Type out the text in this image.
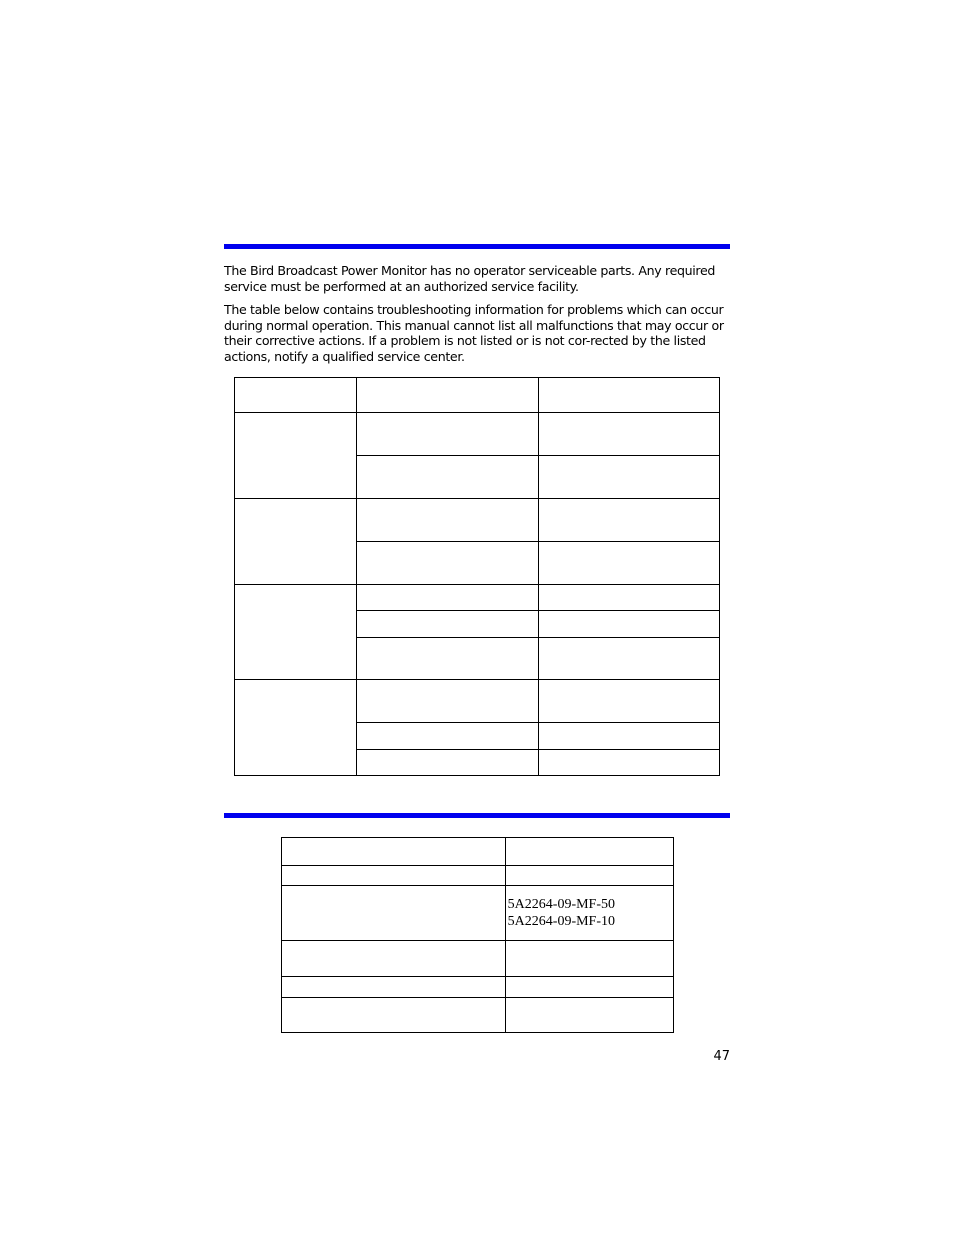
The Bird Broadcast Power Monitor has no operator serviceable parts. Any required service must be performed at an authorized service facility.

The table below contains troubleshooting information for problems which can occur during normal operation. This manual cannot list all malfunctions that may occur or their corrective actions. If a problem is not listed or is not cor-rected by the listed actions, notify a qualified service center.

	5A2264-09-MF-50
5A2264-09-MF-10

47
